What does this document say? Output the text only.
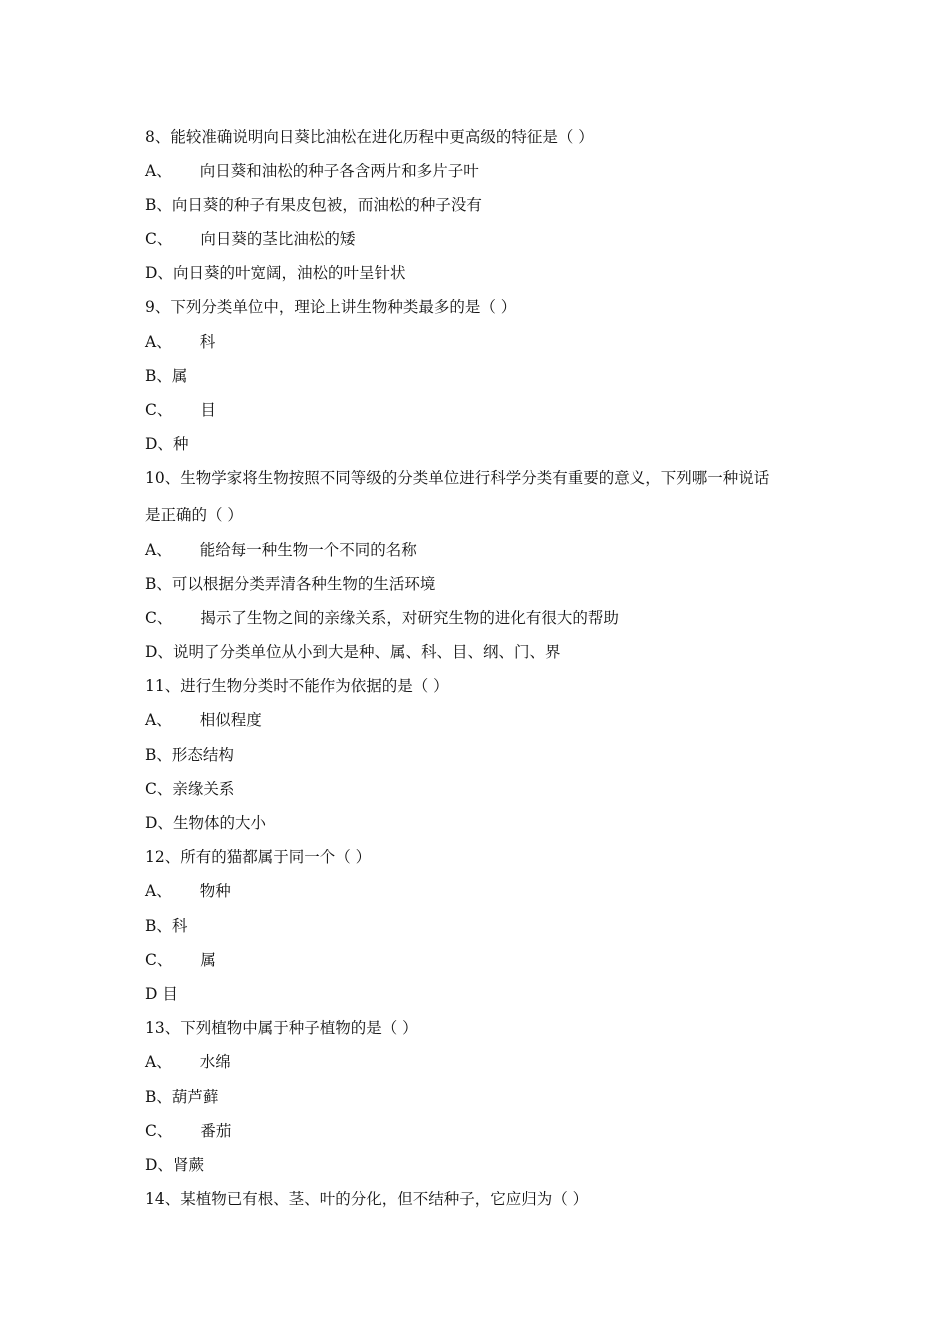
8、能较准确说明向日葵比油松在进化历程中更高级的特征是（ ）
A、 向日葵和油松的种子各含两片和多片子叶
B、向日葵的种子有果皮包被，而油松的种子没有
C、 向日葵的茎比油松的矮
D、向日葵的叶宽阔，油松的叶呈针状
9、下列分类单位中，理论上讲生物种类最多的是（ ）
A、 科
B、属
C、 目
D、种
10、生物学家将生物按照不同等级的分类单位进行科学分类有重要的意义，下列哪一种说话
是正确的（ ）
A、 能给每一种生物一个不同的名称
B、可以根据分类弄清各种生物的生活环境
C、 揭示了生物之间的亲缘关系，对研究生物的进化有很大的帮助
D、说明了分类单位从小到大是种、属、科、目、纲、门、界
11、进行生物分类时不能作为依据的是（ ）
A、 相似程度
B、形态结构
C、亲缘关系
D、生物体的大小
12、所有的猫都属于同一个（ ）
A、 物种
B、科
C、 属
D 目
13、下列植物中属于种子植物的是（ ）
A、 水绵
B、葫芦藓
C、 番茄
D、肾蕨
14、某植物已有根、茎、叶的分化，但不结种子，它应归为（ ）
